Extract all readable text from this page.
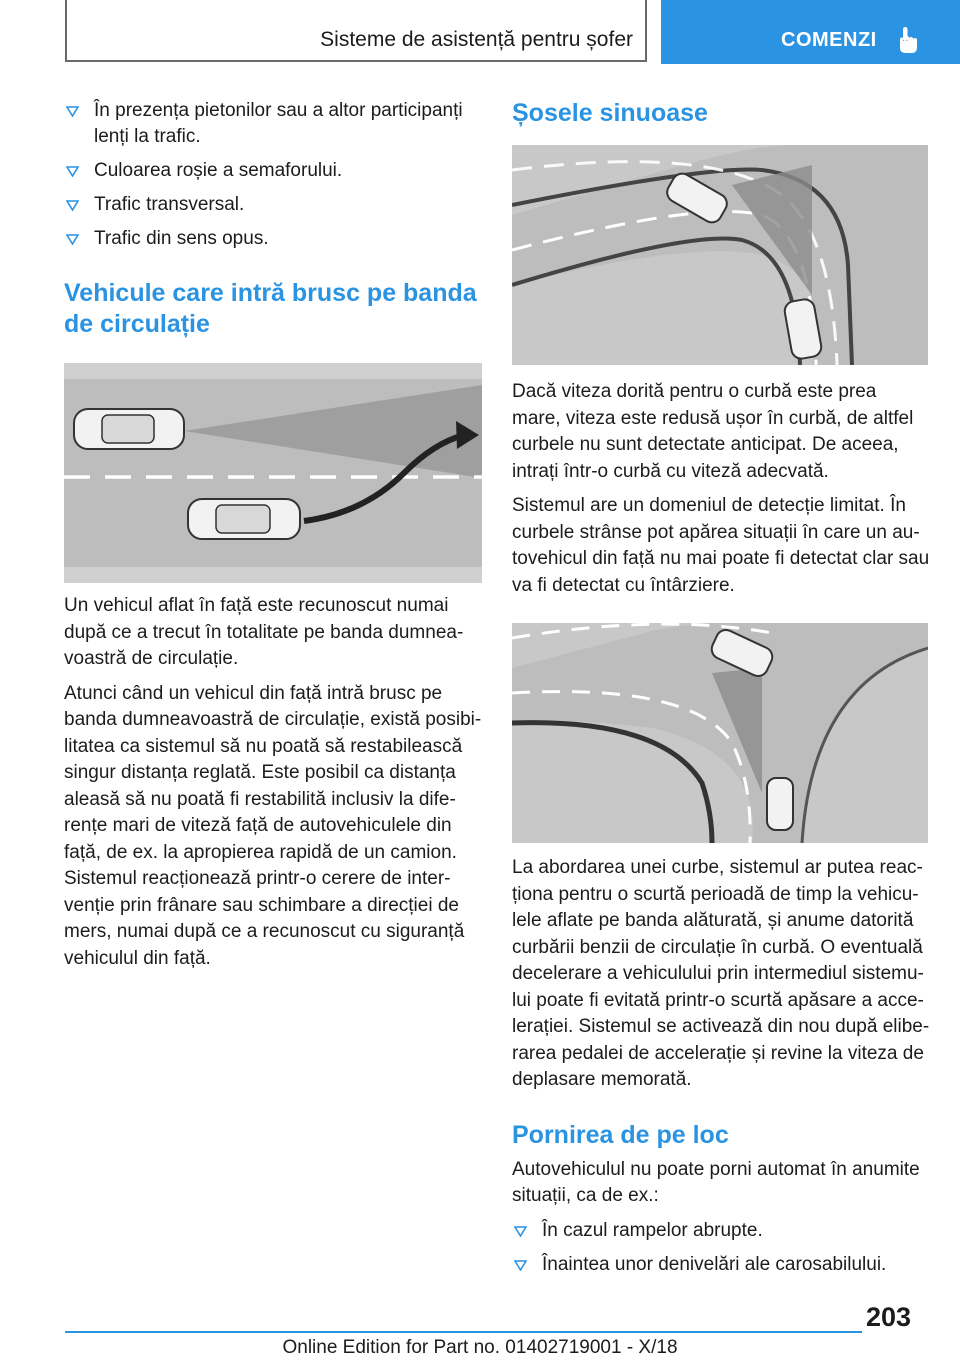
Sisteme de asistență pentru șofer	COMENZI
În prezența pietonilor sau a altor participanți lenți la trafic.
Culoarea roșie a semaforului.
Trafic transversal.
Trafic din sens opus.
Vehicule care intră brusc pe banda de circulație

Un vehicul aflat în față este recunoscut numai după ce a trecut în totalitate pe banda dumnea-voastră de circulație.

Atunci când un vehicul din față intră brusc pe banda dumneavoastră de circulație, există posibi-litatea ca sistemul să nu poată să restabilească singur distanța reglată. Este posibil ca distanța aleasă să nu poată fi restabilită inclusiv la dife-rențe mari de viteză față de autovehiculele din față, de ex. la apropierea rapidă de un camion. Sistemul reacționează printr-o cerere de inter-venție prin frânare sau schimbare a direcției de mers, numai după ce a recunoscut cu siguranță vehiculul din față.

Șosele sinuoase

Dacă viteza dorită pentru o curbă este prea mare, viteza este redusă ușor în curbă, de altfel curbele nu sunt detectate anticipat. De aceea, intrați într-o curbă cu viteză adecvată.

Sistemul are un domeniul de detecție limitat. În curbele strânse pot apărea situații în care un au-tovehicul din față nu mai poate fi detectat clar sau va fi detectat cu întârziere.

La abordarea unei curbe, sistemul ar putea reac-ționa pentru o scurtă perioadă de timp la vehicu-lele aflate pe banda alăturată, și anume datorită curbării benzii de circulație în curbă. O eventuală decelerare a vehiculului prin intermediul sistemu-lui poate fi evitată printr-o scurtă apăsare a acce-lerației. Sistemul se activează din nou după elibe-rarea pedalei de accelerație și revine la viteza de deplasare memorată.

Pornirea de pe loc

Autovehiculul nu poate porni automat în anumite situații, ca de ex.:

În cazul rampelor abrupte.
Înaintea unor denivelări ale carosabilului.
203
Online Edition for Part no. 01402719001 - X/18
